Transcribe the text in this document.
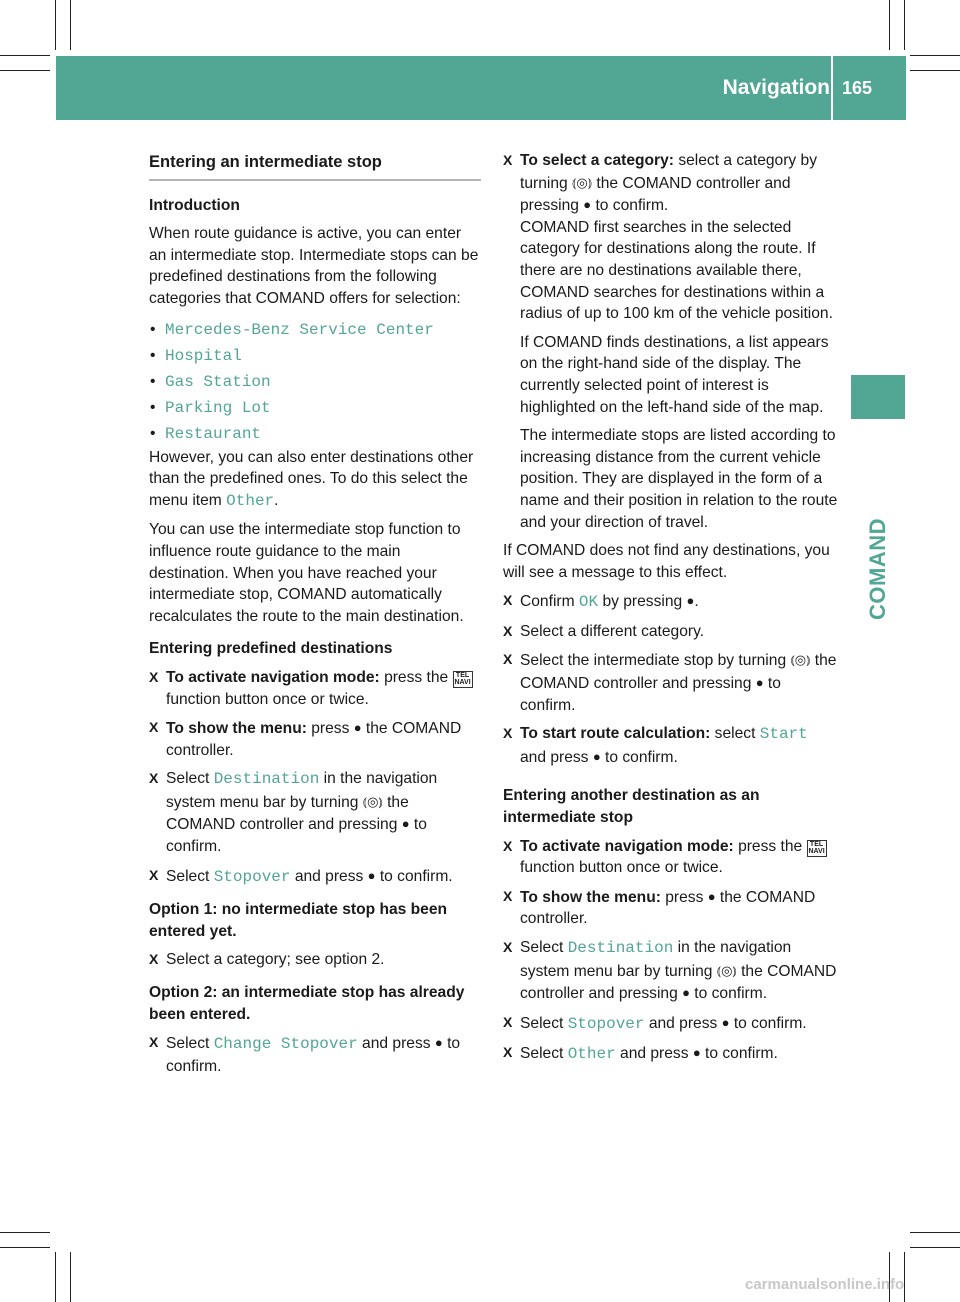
Navigation 165
COMAND
Entering an intermediate stop

Introduction

When route guidance is active, you can enter an intermediate stop. Intermediate stops can be predefined destinations from the following categories that COMAND offers for selection:

• Mercedes-Benz Service Center

• Hospital

• Gas Station

• Parking Lot

• Restaurant

However, you can also enter destinations other than the predefined ones. To do this select the menu item Other.

You can use the intermediate stop function to influence route guidance to the main destination. When you have reached your intermediate stop, COMAND automatically recalculates the route to the main destination.

Entering predefined destinations

X To activate navigation mode: press the TEL
NAVI function button once or twice.

X To show the menu: press ● the COMAND controller.

X Select Destination in the navigation system menu bar by turning ⦅◎⦆ the COMAND controller and pressing ● to confirm.

X Select Stopover and press ● to confirm.

Option 1: no intermediate stop has been entered yet.

X Select a category; see option 2.

Option 2: an intermediate stop has already been entered.

X Select Change Stopover and press ● to confirm.

X To select a category: select a category by turning ⦅◎⦆ the COMAND controller and pressing ● to confirm.

COMAND first searches in the selected category for destinations along the route. If there are no destinations available there, COMAND searches for destinations within a radius of up to 100 km of the vehicle position.

If COMAND finds destinations, a list appears on the right-hand side of the display. The currently selected point of interest is highlighted on the left-hand side of the map.

The intermediate stops are listed according to increasing distance from the current vehicle position. They are displayed in the form of a name and their position in relation to the route and your direction of travel.

If COMAND does not find any destinations, you will see a message to this effect.

X Confirm OK by pressing ●.

X Select a different category.

X Select the intermediate stop by turning ⦅◎⦆ the COMAND controller and pressing ● to confirm.

X To start route calculation: select Start and press ● to confirm.

Entering another destination as an intermediate stop

X To activate navigation mode: press the TEL
NAVI function button once or twice.

X To show the menu: press ● the COMAND controller.

X Select Destination in the navigation system menu bar by turning ⦅◎⦆ the COMAND controller and pressing ● to confirm.

X Select Stopover and press ● to confirm.

X Select Other and press ● to confirm.

carmanualsonline.info
